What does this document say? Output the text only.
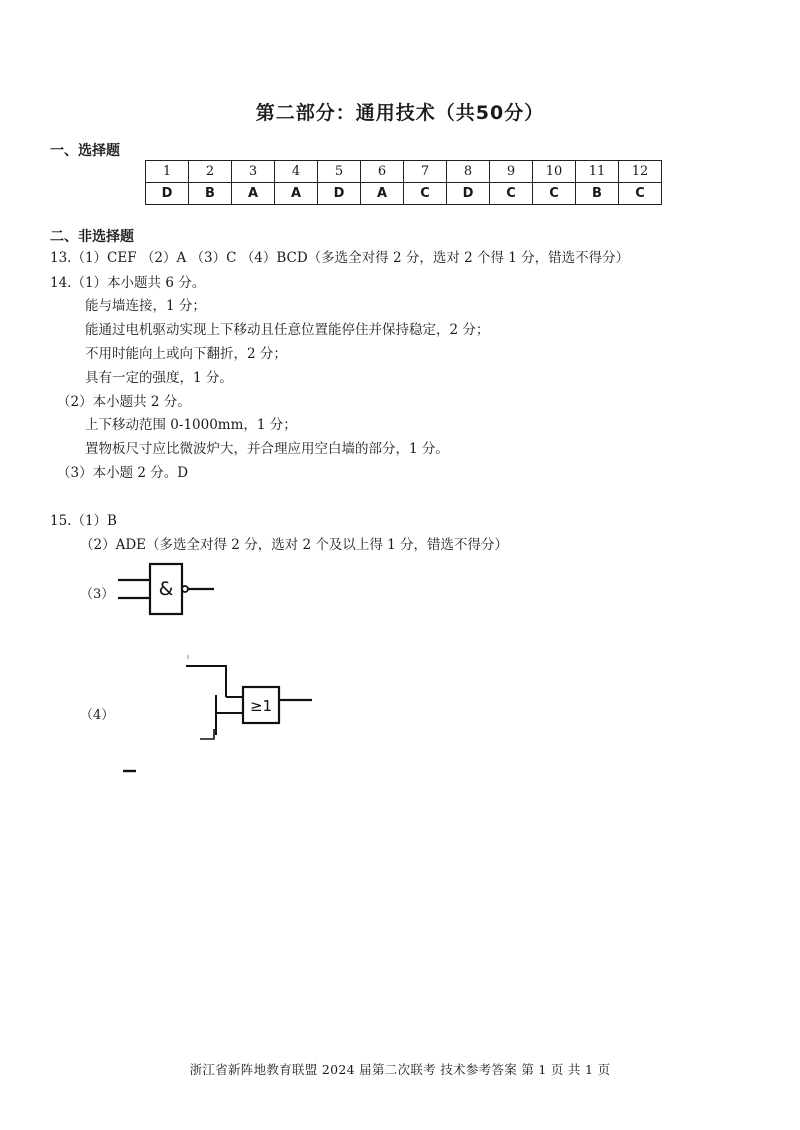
第二部分：通用技术（共50分）
一、选择题
1	2	3	4	5	6	7	8	9	10	11	12
D	B	A	A	D	A	C	D	C	C	B	C
二、非选择题
13.（1）CEF （2）A （3）C （4）BCD（多选全对得 2 分，选对 2 个得 1 分，错选不得分）
14.（1）本小题共 6 分。
能与墙连接，1 分；
能通过电机驱动实现上下移动且任意位置能停住并保持稳定，2 分；
不用时能向上或向下翻折，2 分；
具有一定的强度，1 分。
（2）本小题共 2 分。
上下移动范围 0-1000mm，1 分；
置物板尺寸应比微波炉大，并合理应用空白墙的部分，1 分。
（3）本小题 2 分。D
15.（1）B
（2）ADE（多选全对得 2 分，选对 2 个及以上得 1 分，错选不得分）
（3） &
（4）
≥1
浙江省新阵地教育联盟 2024 届第二次联考 技术参考答案 第 1 页 共 1 页
